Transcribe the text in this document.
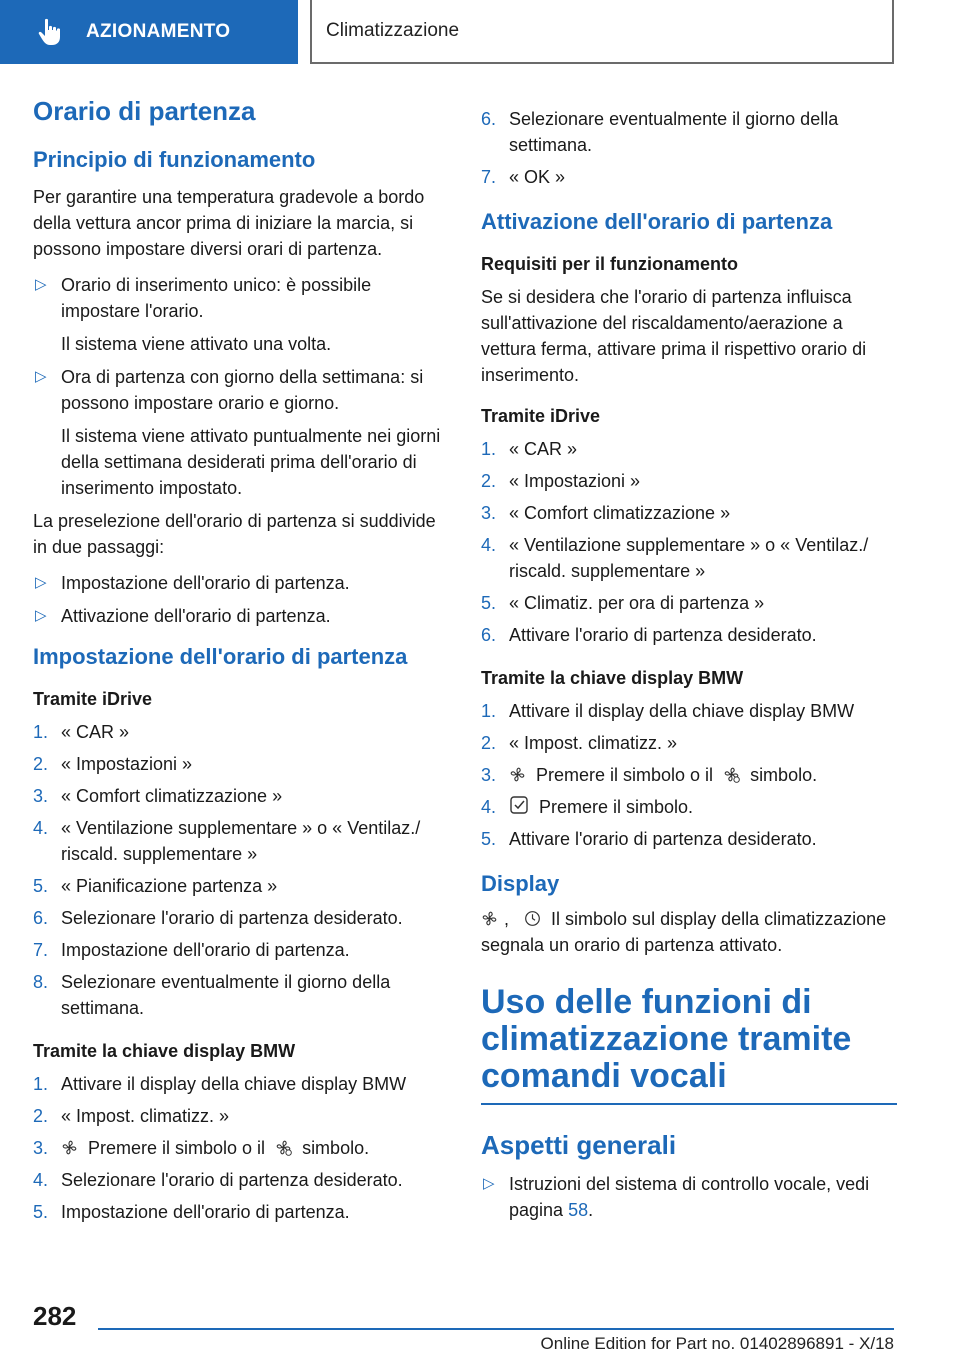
AZIONAMENTO	Climatizzazione
Orario di partenza
Principio di funzionamento

Per garantire una temperatura gradevole a bordo della vettura ancor prima di iniziare la marcia, si possono impostare diversi orari di partenza.

▷ Orario di inserimento unico: è possibile impostare l'orario.
Il sistema viene attivato una volta.
▷ Ora di partenza con giorno della settimana: si possono impostare orario e giorno.
Il sistema viene attivato puntualmente nei giorni della settimana desiderati prima dell'orario di inserimento impostato.

La preselezione dell'orario di partenza si suddivide in due passaggi:

▷ Impostazione dell'orario di partenza.
▷ Attivazione dell'orario di partenza.
Impostazione dell'orario di partenza
Tramite iDrive
1. « CAR »
2. « Impostazioni »
3. « Comfort climatizzazione »
4. « Ventilazione supplementare » o « Ventilaz./ riscald. supplementare »
5. « Pianificazione partenza »
6. Selezionare l'orario di partenza desiderato.
7. Impostazione dell'orario di partenza.
8. Selezionare eventualmente il giorno della settimana.
Tramite la chiave display BMW
1. Attivare il display della chiave display BMW
2. « Impost. climatizz. »
3. Premere il simbolo o il simbolo.
4. Selezionare l'orario di partenza desiderato.
5. Impostazione dell'orario di partenza.
6. Selezionare eventualmente il giorno della settimana.
7. « OK »
Attivazione dell'orario di partenza
Requisiti per il funzionamento

Se si desidera che l'orario di partenza influisca sull'attivazione del riscaldamento/aerazione a vettura ferma, attivare prima il rispettivo orario di inserimento.

Tramite iDrive
1. « CAR »
2. « Impostazioni »
3. « Comfort climatizzazione »
4. « Ventilazione supplementare » o « Ventilaz./ riscald. supplementare »
5. « Climatiz. per ora di partenza »
6. Attivare l'orario di partenza desiderato.
Tramite la chiave display BMW
1. Attivare il display della chiave display BMW
2. « Impost. climatizz. »
3. Premere il simbolo o il simbolo.
4. Premere il simbolo.
5. Attivare l'orario di partenza desiderato.
Display

, Il simbolo sul display della climatizzazione segnala un orario di partenza attivato.

Uso delle funzioni di climatizzazione tramite comandi vocali
Aspetti generali
▷ Istruzioni del sistema di controllo vocale, vedi pagina 58.
282
Online Edition for Part no. 01402896891 - X/18
